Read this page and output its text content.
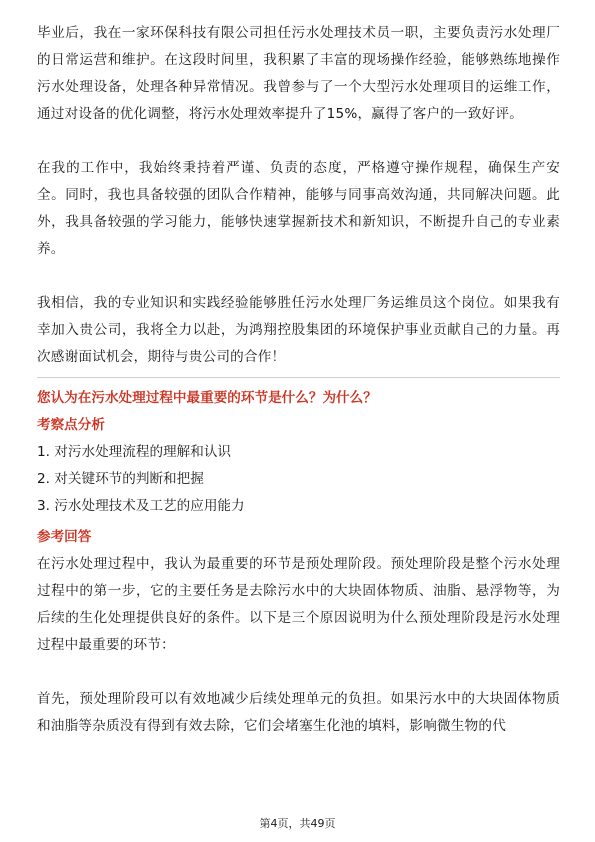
毕业后，我在一家环保科技有限公司担任污水处理技术员一职，主要负责污水处理厂的日常运营和维护。在这段时间里，我积累了丰富的现场操作经验，能够熟练地操作污水处理设备，处理各种异常情况。我曾参与了一个大型污水处理项目的运维工作，通过对设备的优化调整，将污水处理效率提升了15%，赢得了客户的一致好评。

在我的工作中，我始终秉持着严谨、负责的态度，严格遵守操作规程，确保生产安全。同时，我也具备较强的团队合作精神，能够与同事高效沟通，共同解决问题。此外，我具备较强的学习能力，能够快速掌握新技术和新知识，不断提升自己的专业素养。

我相信，我的专业知识和实践经验能够胜任污水处理厂务运维员这个岗位。如果我有幸加入贵公司，我将全力以赴，为鸿翔控股集团的环境保护事业贡献自己的力量。再次感谢面试机会，期待与贵公司的合作！

您认为在污水处理过程中最重要的环节是什么？为什么？

考察点分析
1. 对污水处理流程的理解和认识
2. 对关键环节的判断和把握
3. 污水处理技术及工艺的应用能力
参考回答

在污水处理过程中，我认为最重要的环节是预处理阶段。预处理阶段是整个污水处理过程中的第一步，它的主要任务是去除污水中的大块固体物质、油脂、悬浮物等，为后续的生化处理提供良好的条件。以下是三个原因说明为什么预处理阶段是污水处理过程中最重要的环节：

首先，预处理阶段可以有效地减少后续处理单元的负担。如果污水中的大块固体物质和油脂等杂质没有得到有效去除，它们会堵塞生化池的填料，影响微生物的代

第4页，共49页
